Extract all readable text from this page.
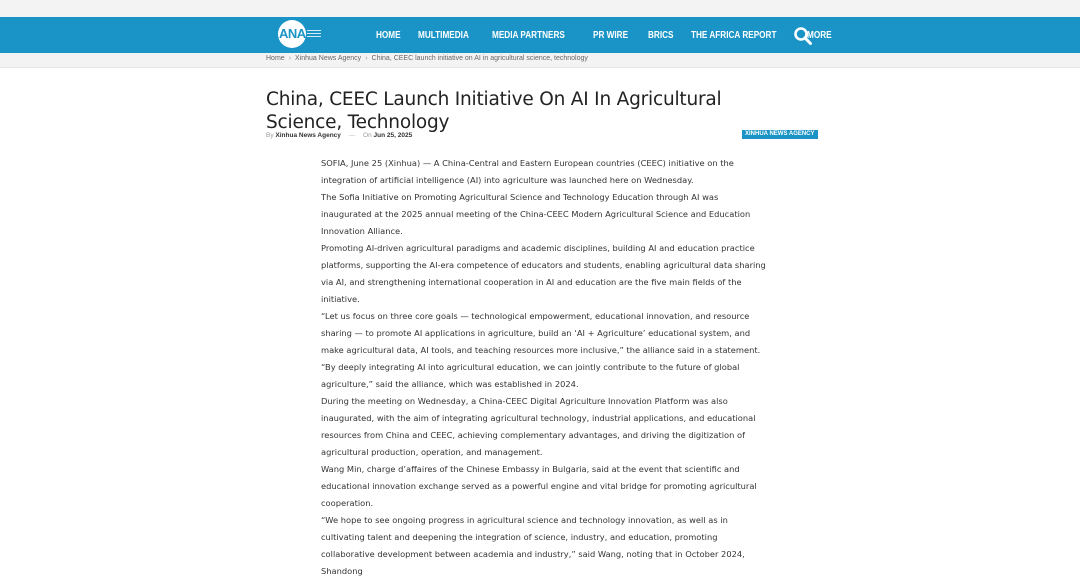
ANA	HOME MULTIMEDIA MEDIA PARTNERS	PR WIRE BRICS THE AFRICA REPORT	MORE
Home › Xinhua News Agency › China, CEEC launch initiative on AI in agricultural science, technology
China, CEEC Launch Initiative On AI In Agricultural Science, Technology
By Xinhua News Agency — On Jun 25, 2025	XINHUA NEWS AGENCY

SOFIA, June 25 (Xinhua) — A China-Central and Eastern European countries (CEEC) initiative on the integration of artificial intelligence (AI) into agriculture was launched here on Wednesday.

The Sofia Initiative on Promoting Agricultural Science and Technology Education through AI was inaugurated at the 2025 annual meeting of the China-CEEC Modern Agricultural Science and Education Innovation Alliance.

Promoting AI-driven agricultural paradigms and academic disciplines, building AI and education practice platforms, supporting the AI-era competence of educators and students, enabling agricultural data sharing via AI, and strengthening international cooperation in AI and education are the five main fields of the initiative.

“Let us focus on three core goals — technological empowerment, educational innovation, and resource sharing — to promote AI applications in agriculture, build an ‘AI + Agriculture’ educational system, and make agricultural data, AI tools, and teaching resources more inclusive,” the alliance said in a statement.

“By deeply integrating AI into agricultural education, we can jointly contribute to the future of global agriculture,” said the alliance, which was established in 2024.

During the meeting on Wednesday, a China-CEEC Digital Agriculture Innovation Platform was also inaugurated, with the aim of integrating agricultural technology, industrial applications, and educational resources from China and CEEC, achieving complementary advantages, and driving the digitization of agricultural production, operation, and management.

Wang Min, charge d’affaires of the Chinese Embassy in Bulgaria, said at the event that scientific and educational innovation exchange served as a powerful engine and vital bridge for promoting agricultural cooperation.

“We hope to see ongoing progress in agricultural science and technology innovation, as well as in cultivating talent and deepening the integration of science, industry, and education, promoting collaborative development between academia and industry,” said Wang, noting that in October 2024, Shandong
